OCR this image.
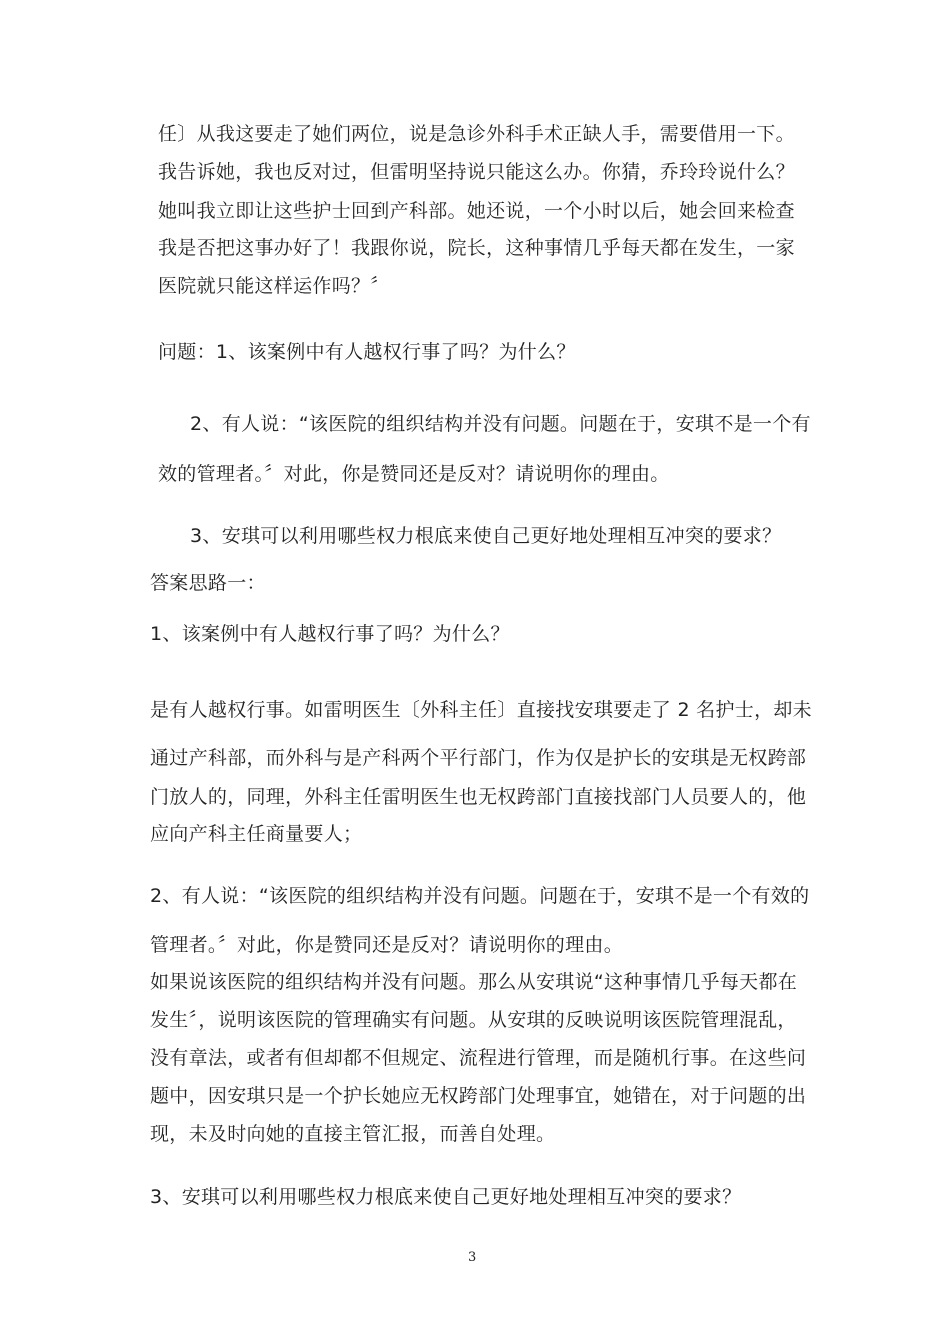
任〕从我这要走了她们两位，说是急诊外科手术正缺人手，需要借用一下。
我告诉她，我也反对过，但雷明坚持说只能这么办。你猜，乔玲玲说什么？
她叫我立即让这些护士回到产科部。她还说，一个小时以后，她会回来检查
我是否把这事办好了！我跟你说，院长，这种事情几乎每天都在发生，一家
医院就只能这样运作吗？〞
问题：1、该案例中有人越权行事了吗？为什么？
2、有人说：“该医院的组织结构并没有问题。问题在于，安琪不是一个有
效的管理者。〞对此，你是赞同还是反对？请说明你的理由。
3、安琪可以利用哪些权力根底来使自己更好地处理相互冲突的要求？
答案思路一：
1、该案例中有人越权行事了吗？为什么？
是有人越权行事。如雷明医生〔外科主任〕直接找安琪要走了 2 名护士，却未
通过产科部，而外科与是产科两个平行部门，作为仅是护长的安琪是无权跨部
门放人的，同理，外科主任雷明医生也无权跨部门直接找部门人员要人的，他
应向产科主任商量要人；
2、有人说：“该医院的组织结构并没有问题。问题在于，安琪不是一个有效的
管理者。〞对此，你是赞同还是反对？请说明你的理由。
如果说该医院的组织结构并没有问题。那么从安琪说“这种事情几乎每天都在
发生〞，说明该医院的管理确实有问题。从安琪的反映说明该医院管理混乱，
没有章法，或者有但却都不但规定、流程进行管理，而是随机行事。在这些问
题中，因安琪只是一个护长她应无权跨部门处理事宜，她错在，对于问题的出
现，未及时向她的直接主管汇报，而善自处理。
3、安琪可以利用哪些权力根底来使自己更好地处理相互冲突的要求？
3
